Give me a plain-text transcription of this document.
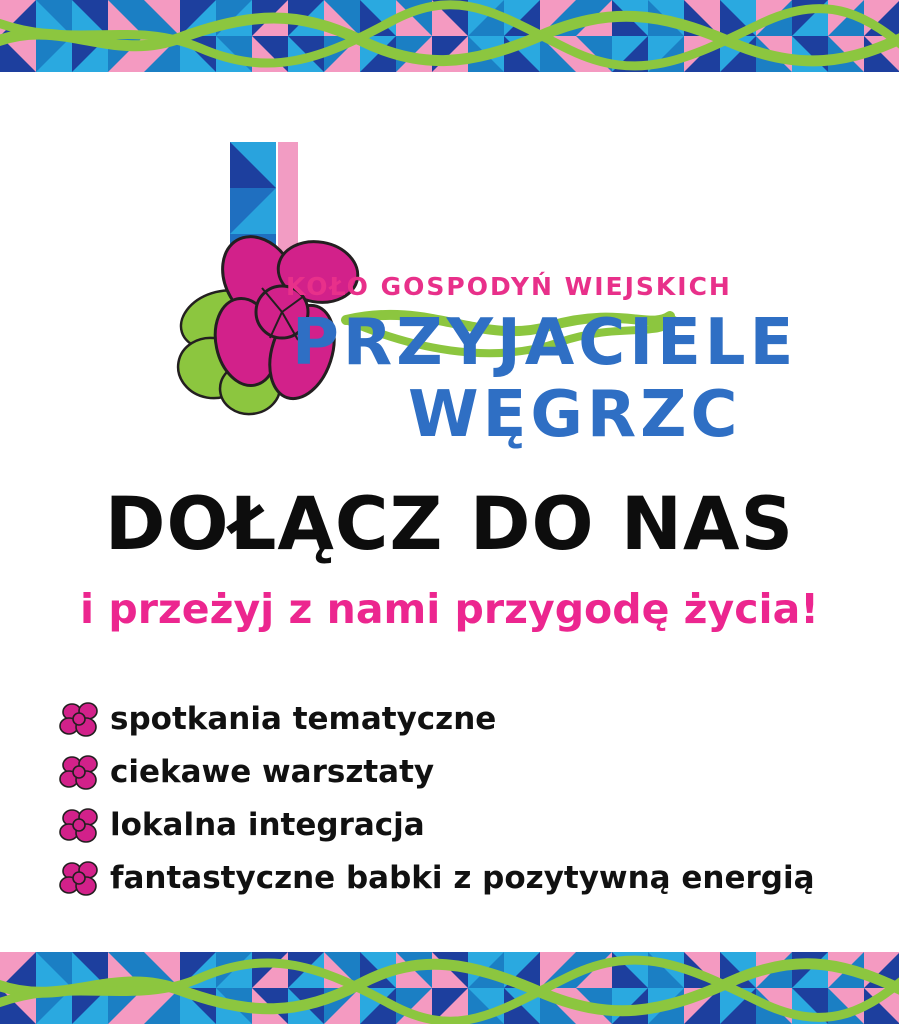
KOŁO GOSPODYŃ WIEJSKICH
PRZYJACIELE
WĘGRZC
DOŁĄCZ DO NAS
i przeżyj z nami przygodę życia!
spotkania tematyczne
ciekawe warsztaty
lokalna integracja
fantastyczne babki z pozytywną energią
